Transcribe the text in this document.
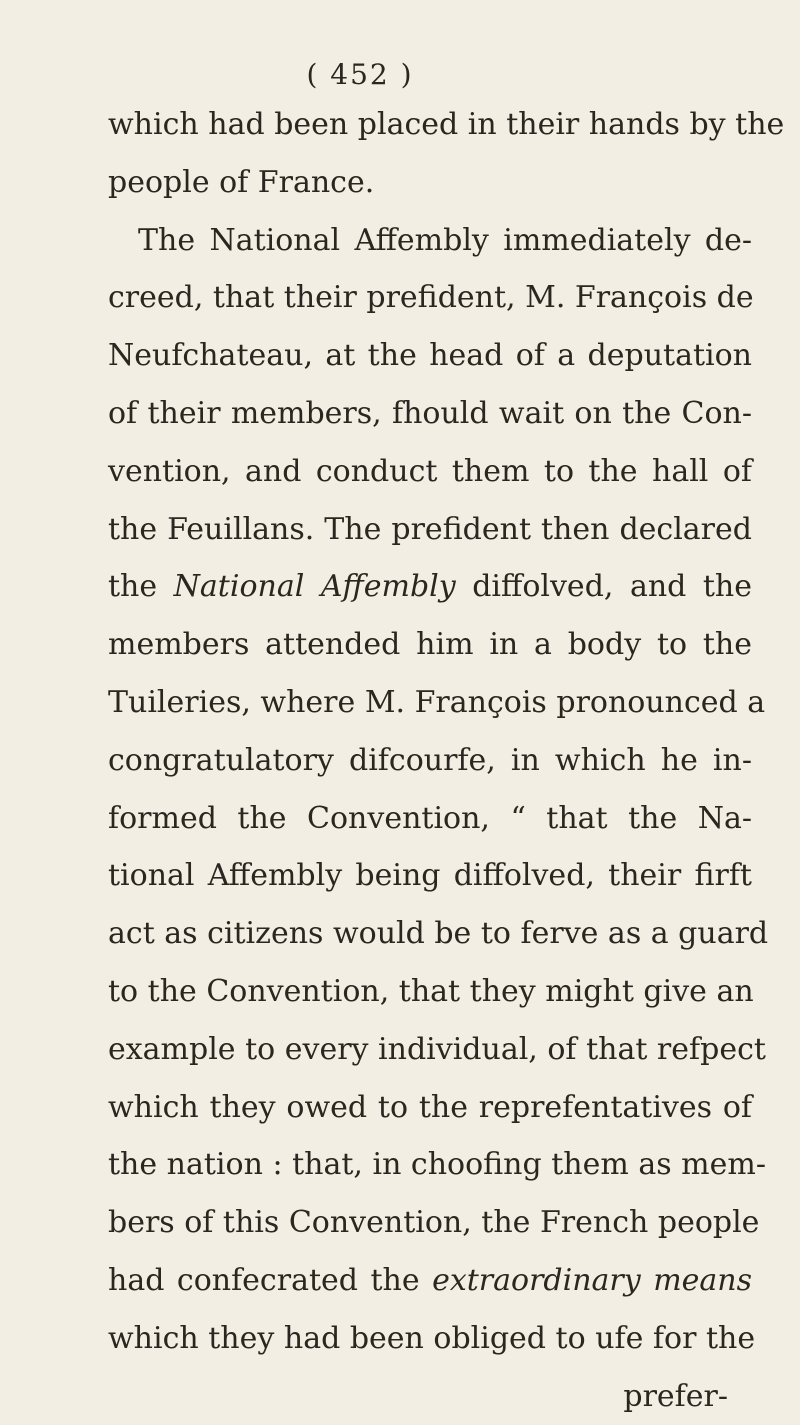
( 452 )
which had been placed in their hands by the
people of France.
The National Affembly immediately de-
creed, that their prefident, M. François de
Neufchateau, at the head of a deputation
of their members, fhould wait on the Con-
vention, and conduct them to the hall of
the Feuillans. The prefident then declared
the National Affembly diffolved, and the
members attended him in a body to the
Tuileries, where M. François pronounced a
congratulatory difcourfe, in which he in-
formed the Convention, “ that the Na-
tional Affembly being diffolved, their firft
act as citizens would be to ferve as a guard
to the Convention, that they might give an
example to every individual, of that refpect
which they owed to the reprefentatives of
the nation : that, in choofing them as mem-
bers of this Convention, the French people
had confecrated the extraordinary means
which they had been obliged to ufe for the
prefer-
